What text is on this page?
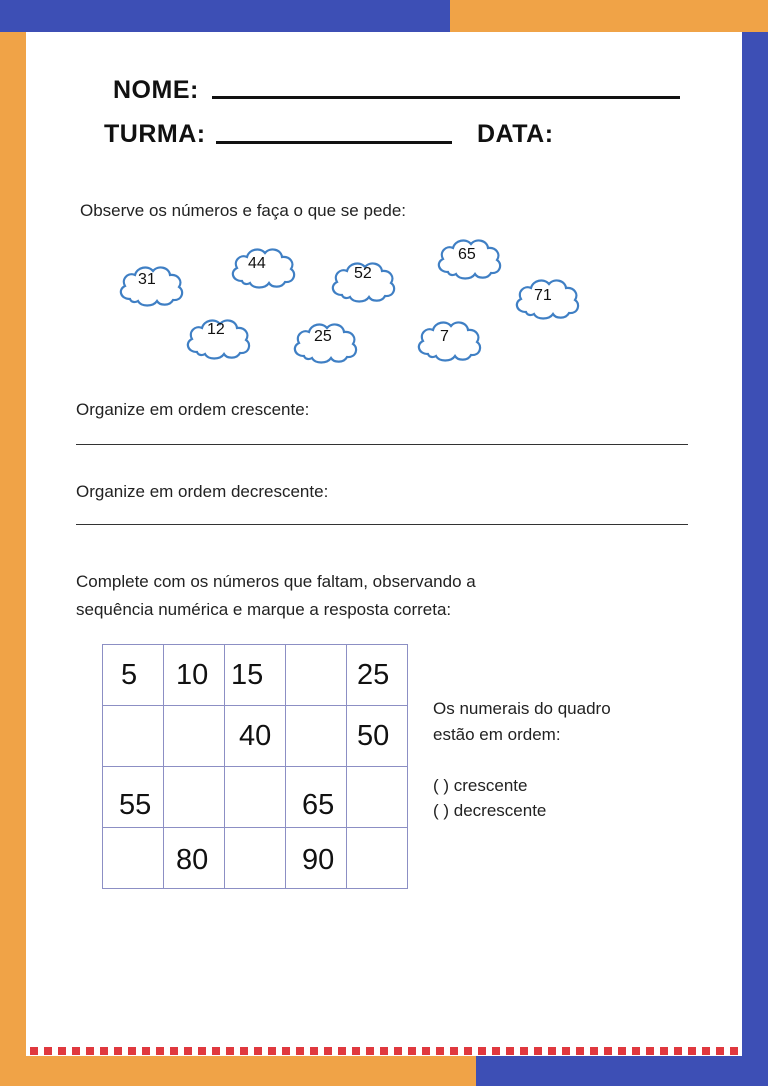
NOME:
TURMA:	DATA:
Observe os números e faça o que se pede:
31
44
52
65
71
12	25	7
Organize em ordem crescente:
Organize em ordem decrescente:
Complete com os números que faltam, observando a
sequência numérica e marque a resposta correta:
5	10	15		25

		40		50

55			65	

	80		90	

Os numerais do quadro
estão em ordem:
( ) crescente
( ) decrescente
